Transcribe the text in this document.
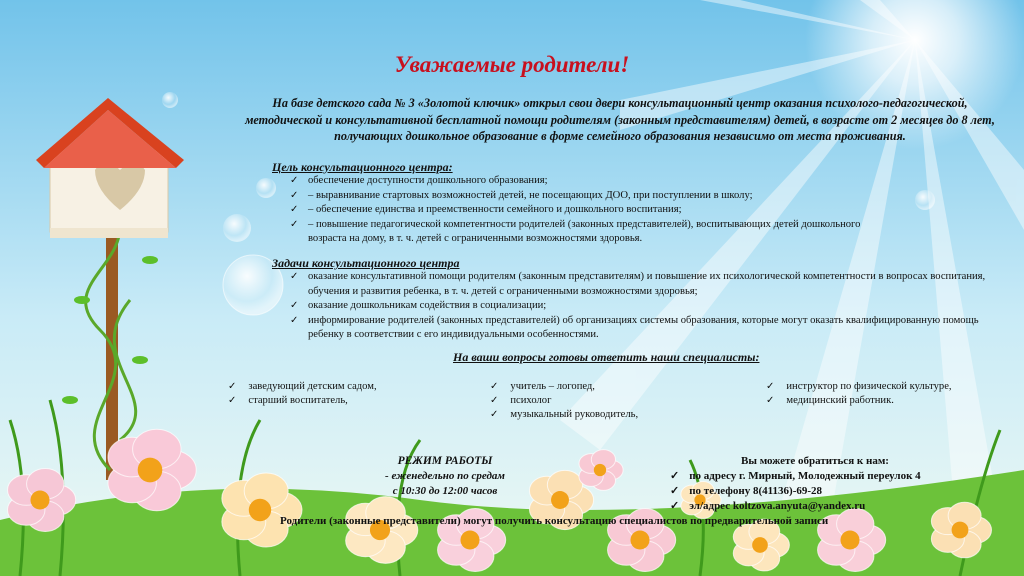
Уважаемые родители!
На базе детского сада № 3 «Золотой ключик» открыл свои двери консультационный центр оказания психолого-педагогической, методической и консультативной бесплатной помощи родителям (законным представителям) детей, в возрасте от 2 месяцев до 8 лет, получающих дошкольное образование в форме семейного образования независимо от места проживания.
Цель консультационного центра:
✓ обеспечение доступности дошкольного образования;
✓ – выравнивание стартовых возможностей детей, не посещающих ДОО, при поступлении в школу;
✓ – обеспечение единства и преемственности семейного и дошкольного воспитания;
✓ – повышение педагогической компетентности родителей (законных представителей), воспитывающих детей дошкольного возраста на дому, в т. ч. детей с ограниченными возможностями здоровья.
Задачи консультационного центра
✓ оказание консультативной помощи родителям (законным представителям) и повышение их психологической компетентности в вопросах воспитания, обучения и развития ребенка, в т. ч. детей с ограниченными возможностями здоровья;
✓ оказание дошкольникам содействия в социализации;
✓ информирование родителей (законных представителей) об организациях системы образования, которые могут оказать квалифицированную помощь ребенку в соответствии с его индивидуальными особенностями.
На ваши вопросы готовы ответить наши специалисты:
✓ заведующий детским садом,
✓ старший воспитатель,
✓ учитель – логопед,
✓ психолог
✓ музыкальный руководитель,
✓ инструктор по физической культуре,
✓ медицинский работник.
РЕЖИМ РАБОТЫ
- еженедельно по средам
с 10:30 до 12:00 часов
Вы можете обратиться к нам:
✓ по адресу г. Мирный, Молодежный переулок 4
✓ по телефону 8(41136)-69-28
✓ эл/адрес koltzova.anyuta@yandex.ru
Родители (законные представители) могут получить консультацию специалистов по предварительной записи
